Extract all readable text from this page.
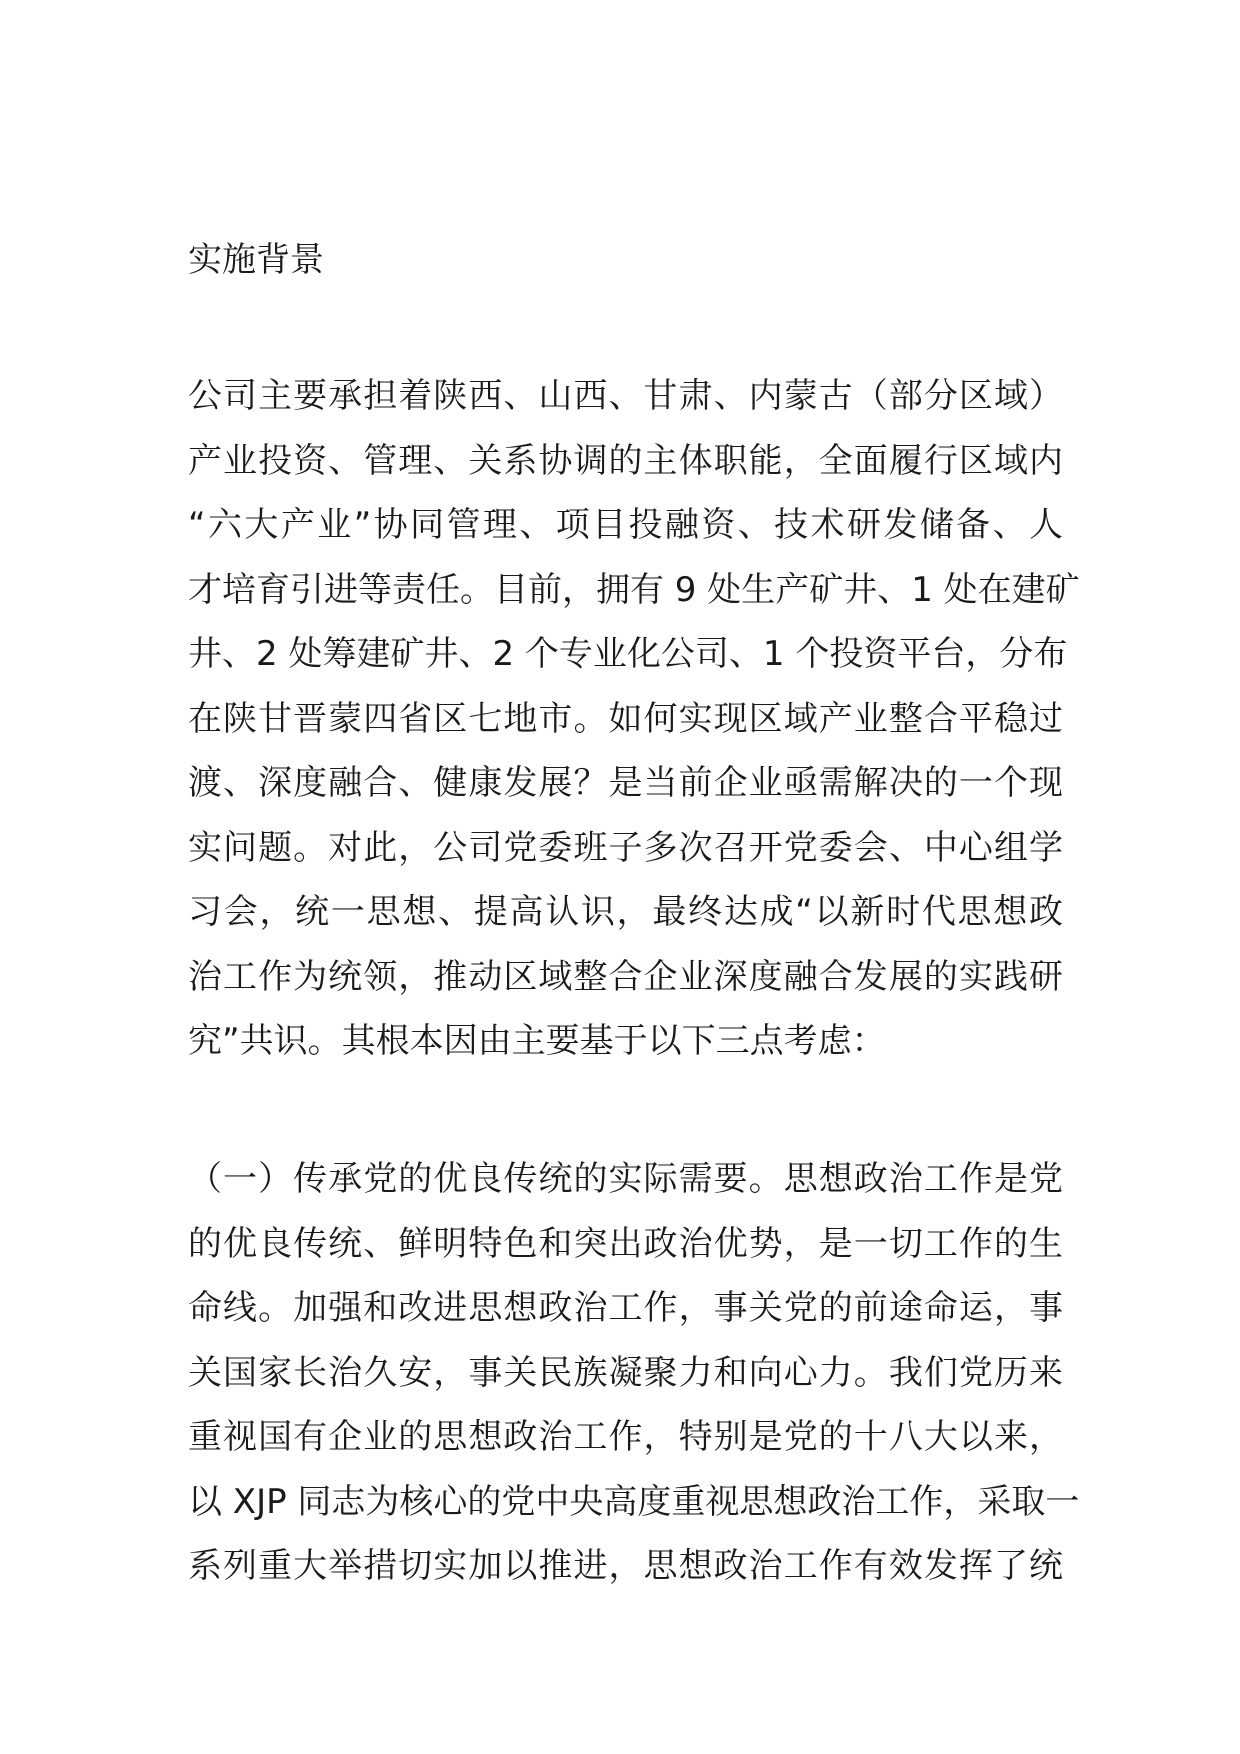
实施背景
公司主要承担着陕西、山西、甘肃、内蒙古（部分区域）
产业投资、管理、关系协调的主体职能，全面履行区域内
“六大产业”协同管理、项目投融资、技术研发储备、人
才培育引进等责任。目前，拥有 9 处生产矿井、1 处在建矿
井、2 处筹建矿井、2 个专业化公司、1 个投资平台，分布
在陕甘晋蒙四省区七地市。如何实现区域产业整合平稳过
渡、深度融合、健康发展？是当前企业亟需解决的一个现
实问题。对此，公司党委班子多次召开党委会、中心组学
习会，统一思想、提高认识，最终达成“以新时代思想政
治工作为统领，推动区域整合企业深度融合发展的实践研
究”共识。其根本因由主要基于以下三点考虑：
（一）传承党的优良传统的实际需要。思想政治工作是党
的优良传统、鲜明特色和突出政治优势，是一切工作的生
命线。加强和改进思想政治工作，事关党的前途命运，事
关国家长治久安，事关民族凝聚力和向心力。我们党历来
重视国有企业的思想政治工作，特别是党的十八大以来，
以 XJP 同志为核心的党中央高度重视思想政治工作，采取一
系列重大举措切实加以推进，思想政治工作有效发挥了统
